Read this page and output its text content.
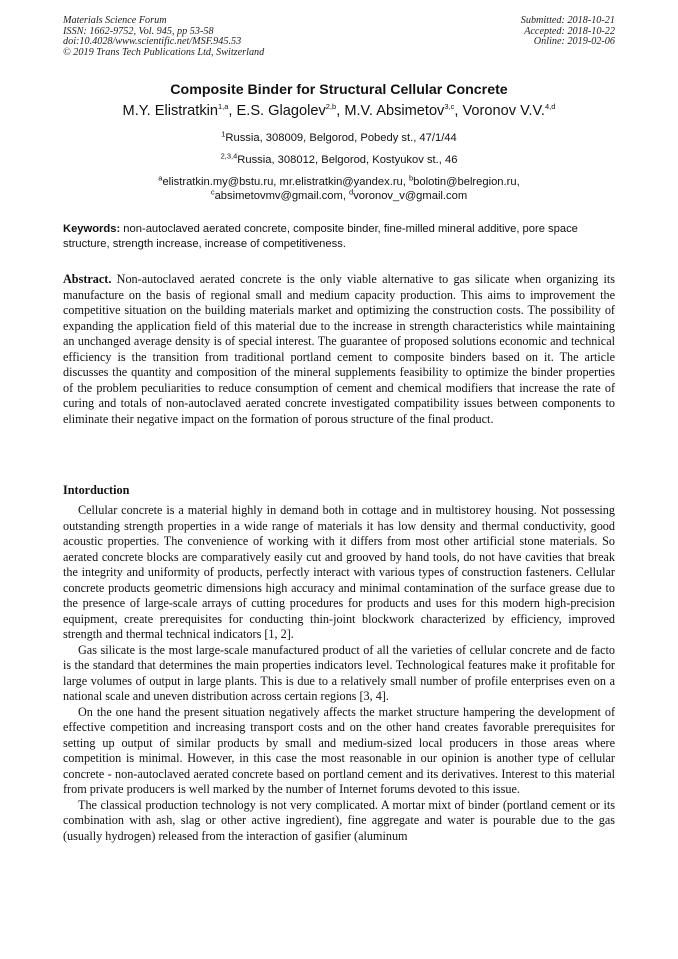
Materials Science Forum
ISSN: 1662-9752, Vol. 945, pp 53-58
doi:10.4028/www.scientific.net/MSF.945.53
© 2019 Trans Tech Publications Ltd, Switzerland
Submitted: 2018-10-21
Accepted: 2018-10-22
Online: 2019-02-06
Composite Binder for Structural Cellular Concrete
M.Y. Elistratkin$^{1,a}$, E.S. Glagolev$^{2,b}$, M.V. Absimetov$^{3,c}$, Voronov V.V.$^{4,d}$
$^1$Russia, 308009, Belgorod, Pobedy st., 47/1/44
$^{2,3,4}$Russia, 308012, Belgorod, Kostyukov st., 46
$^a$elistratkin.my@bstu.ru, mr.elistratkin@yandex.ru, $^b$bolotin@belregion.ru,
$^c$absimetovmv@gmail.com, $^d$voronov_v@gmail.com
Keywords: non-autoclaved aerated concrete, composite binder, fine-milled mineral additive, pore space structure, strength increase, increase of competitiveness.
Abstract. Non-autoclaved aerated concrete is the only viable alternative to gas silicate when organizing its manufacture on the basis of regional small and medium capacity production. This aims to improvement the competitive situation on the building materials market and optimizing the construction costs. The possibility of expanding the application field of this material due to the increase in strength characteristics while maintaining an unchanged average density is of special interest. The guarantee of proposed solutions economic and technical efficiency is the transition from traditional portland cement to composite binders based on it. The article discusses the quantity and composition of the mineral supplements feasibility to optimize the binder properties of the problem peculiarities to reduce consumption of cement and chemical modifiers that increase the rate of curing and totals of non-autoclaved aerated concrete investigated compatibility issues between components to eliminate their negative impact on the formation of porous structure of the final product.
Intorduction

Cellular concrete is a material highly in demand both in cottage and in multistorey housing. Not possessing outstanding strength properties in a wide range of materials it has low density and thermal conductivity, good acoustic properties. The convenience of working with it differs from most other artificial stone materials. So aerated concrete blocks are comparatively easily cut and grooved by hand tools, do not have cavities that break the integrity and uniformity of products, perfectly interact with various types of construction fasteners. Cellular concrete products geometric dimensions high accuracy and minimal contamination of the surface grease due to the presence of large-scale arrays of cutting procedures for products and uses for this modern high-precision equipment, create prerequisites for conducting thin-joint blockwork characterized by efficiency, improved strength and thermal technical indicators [1, 2].

Gas silicate is the most large-scale manufactured product of all the varieties of cellular concrete and de facto is the standard that determines the main properties indicators level. Technological features make it profitable for large volumes of output in large plants. This is due to a relatively small number of profile enterprises even on a national scale and uneven distribution across certain regions [3, 4].

On the one hand the present situation negatively affects the market structure hampering the development of effective competition and increasing transport costs and on the other hand creates favorable prerequisites for setting up output of similar products by small and medium-sized local producers in those areas where competition is minimal. However, in this case the most reasonable in our opinion is another type of cellular concrete - non-autoclaved aerated concrete based on portland cement and its derivatives. Interest to this material from private producers is well marked by the number of Internet forums devoted to this issue.

The classical production technology is not very complicated. A mortar mixt of binder (portland cement or its combination with ash, slag or other active ingredient), fine aggregate and water is pourable due to the gas (usually hydrogen) released from the interaction of gasifier (aluminum
